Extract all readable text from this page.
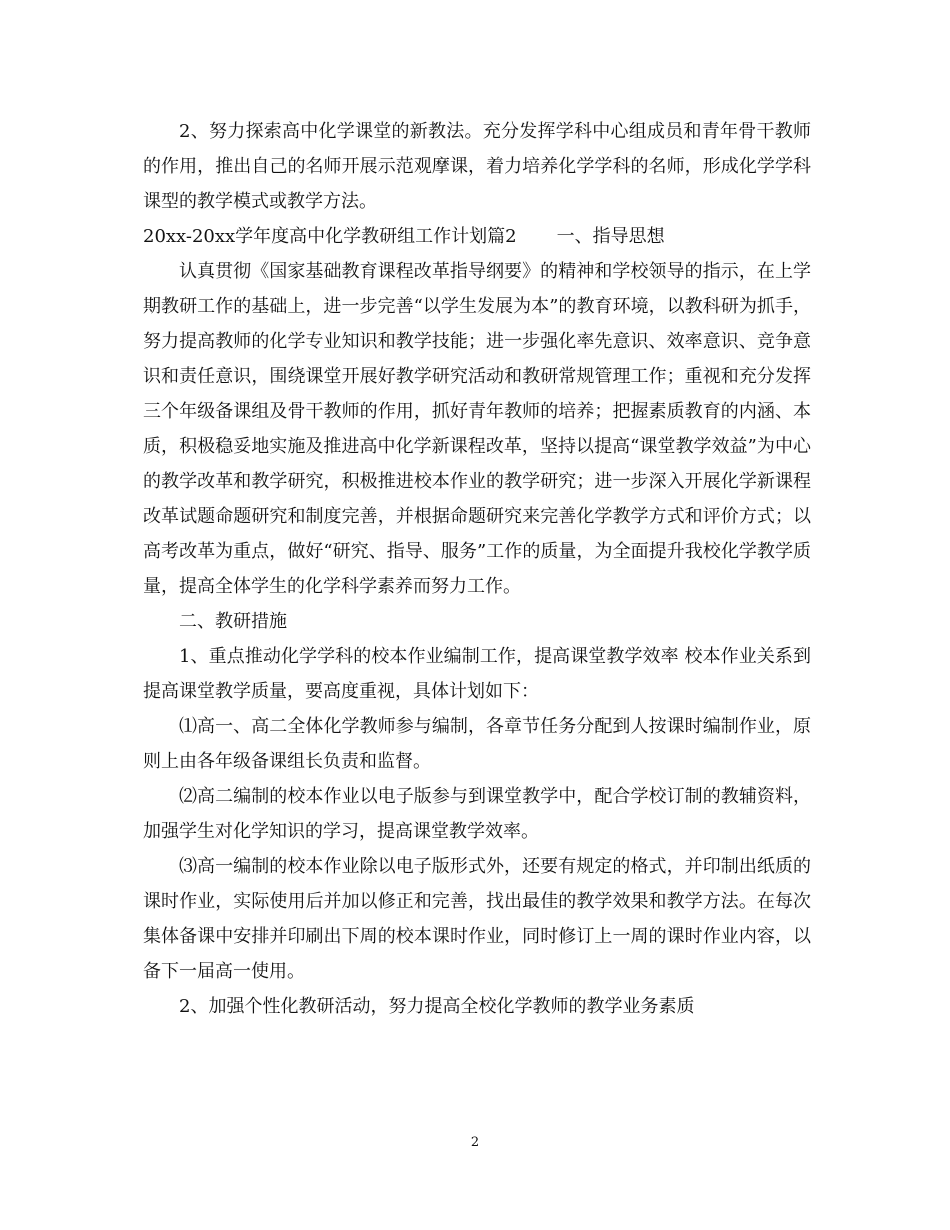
2、努力探索高中化学课堂的新教法。充分发挥学科中心组成员和青年骨干教师的作用，推出自己的名师开展示范观摩课，着力培养化学学科的名师，形成化学学科课型的教学模式或教学方法。

20xx-20xx学年度高中化学教研组工作计划篇2 一、指导思想

认真贯彻《国家基础教育课程改革指导纲要》的精神和学校领导的指示，在上学期教研工作的基础上，进一步完善“以学生发展为本”的教育环境，以教科研为抓手，努力提高教师的化学专业知识和教学技能；进一步强化率先意识、效率意识、竞争意识和责任意识，围绕课堂开展好教学研究活动和教研常规管理工作；重视和充分发挥三个年级备课组及骨干教师的作用，抓好青年教师的培养；把握素质教育的内涵、本质，积极稳妥地实施及推进高中化学新课程改革，坚持以提高“课堂教学效益”为中心的教学改革和教学研究，积极推进校本作业的教学研究；进一步深入开展化学新课程改革试题命题研究和制度完善，并根据命题研究来完善化学教学方式和评价方式；以高考改革为重点，做好“研究、指导、服务”工作的质量，为全面提升我校化学教学质量，提高全体学生的化学科学素养而努力工作。

二、教研措施

1、重点推动化学学科的校本作业编制工作，提高课堂教学效率 校本作业关系到提高课堂教学质量，要高度重视，具体计划如下：

⑴高一、高二全体化学教师参与编制，各章节任务分配到人按课时编制作业，原则上由各年级备课组长负责和监督。

⑵高二编制的校本作业以电子版参与到课堂教学中，配合学校订制的教辅资料，加强学生对化学知识的学习，提高课堂教学效率。

⑶高一编制的校本作业除以电子版形式外，还要有规定的格式，并印制出纸质的课时作业，实际使用后并加以修正和完善，找出最佳的教学效果和教学方法。在每次集体备课中安排并印刷出下周的校本课时作业，同时修订上一周的课时作业内容，以备下一届高一使用。

2、加强个性化教研活动，努力提高全校化学教师的教学业务素质

2
